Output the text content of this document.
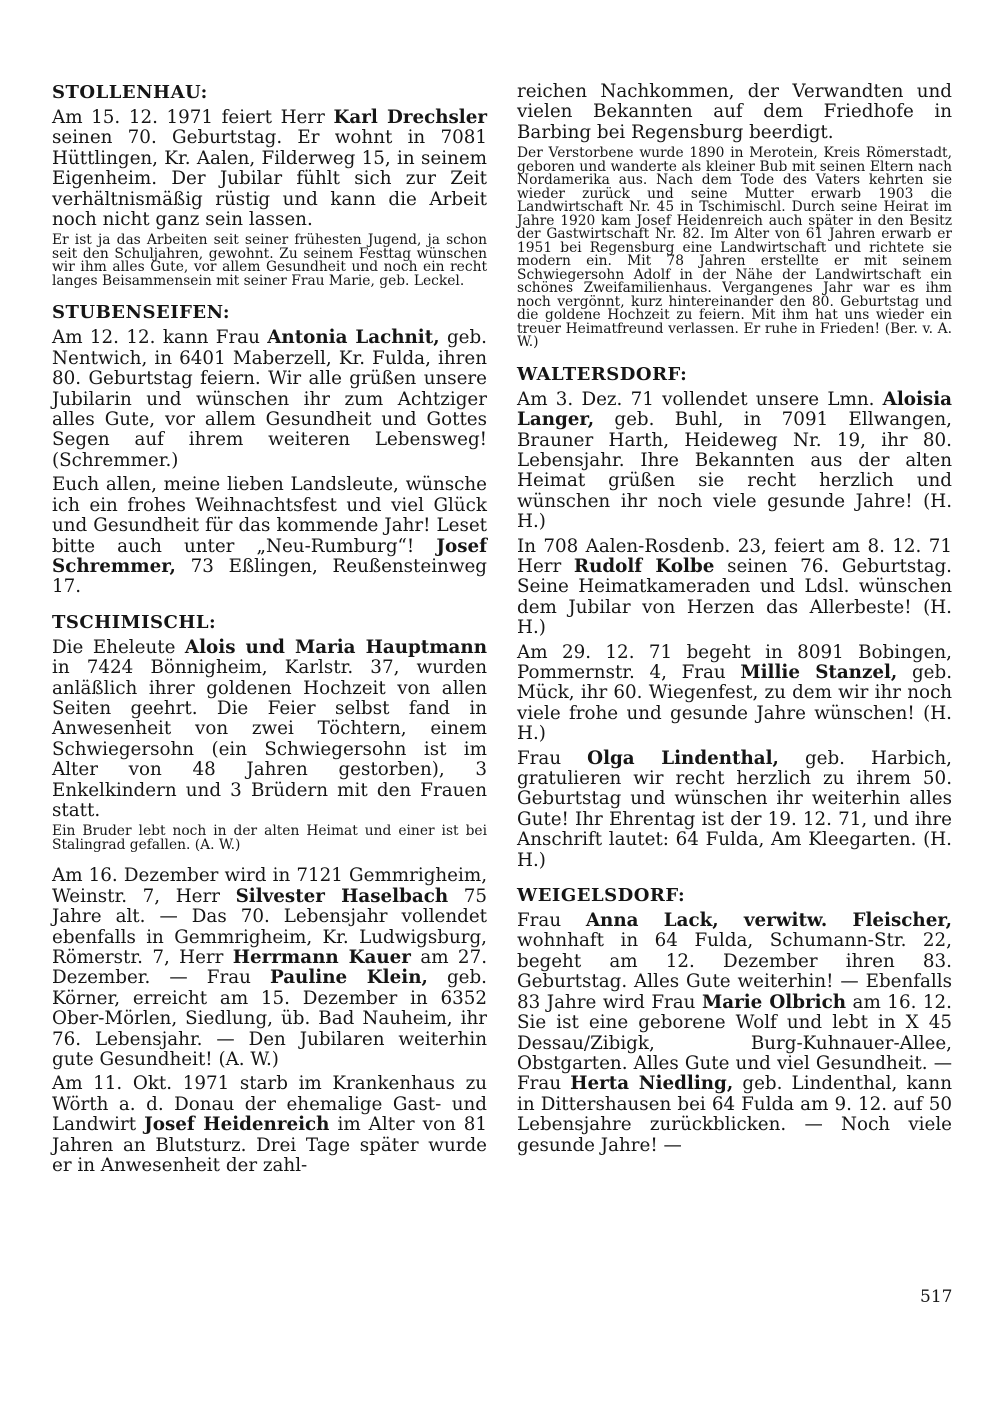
STOLLENHAU:

Am 15. 12. 1971 feiert Herr Karl Drechsler seinen 70. Geburtstag. Er wohnt in 7081 Hüttlingen, Kr. Aalen, Filderweg 15, in seinem Eigenheim. Der Jubilar fühlt sich zur Zeit verhältnismäßig rüstig und kann die Arbeit noch nicht ganz sein lassen.

Er ist ja das Arbeiten seit seiner frühesten Jugend, ja schon seit den Schuljahren, gewohnt. Zu seinem Festtag wünschen wir ihm alles Gute, vor allem Gesundheit und noch ein recht langes Beisammensein mit seiner Frau Marie, geb. Leckel.

STUBENSEIFEN:

Am 12. 12. kann Frau Antonia Lachnit, geb. Nentwich, in 6401 Maberzell, Kr. Fulda, ihren 80. Geburtstag feiern. Wir alle grüßen unsere Jubilarin und wünschen ihr zum Achtziger alles Gute, vor allem Gesundheit und Gottes Segen auf ihrem weiteren Lebensweg! (Schremmer.)

Euch allen, meine lieben Landsleute, wünsche ich ein frohes Weihnachtsfest und viel Glück und Gesundheit für das kommende Jahr! Leset bitte auch unter „Neu-Rumburg“! Josef Schremmer, 73 Eßlingen, Reußensteinweg 17.

TSCHIMISCHL:

Die Eheleute Alois und Maria Hauptmann in 7424 Bönnigheim, Karlstr. 37, wurden anläßlich ihrer goldenen Hochzeit von allen Seiten geehrt. Die Feier selbst fand in Anwesenheit von zwei Töchtern, einem Schwiegersohn (ein Schwiegersohn ist im Alter von 48 Jahren gestorben), 3 Enkelkindern und 3 Brüdern mit den Frauen statt.

Ein Bruder lebt noch in der alten Heimat und einer ist bei Stalingrad gefallen. (A. W.)

Am 16. Dezember wird in 7121 Gemmrigheim, Weinstr. 7, Herr Silvester Haselbach 75 Jahre alt. — Das 70. Lebensjahr vollendet ebenfalls in Gemmrigheim, Kr. Ludwigsburg, Römerstr. 7, Herr Herrmann Kauer am 27. Dezember. — Frau Pauline Klein, geb. Körner, erreicht am 15. Dezember in 6352 Ober-Mörlen, Siedlung, üb. Bad Nauheim, ihr 76. Lebensjahr. — Den Jubilaren weiterhin gute Gesundheit! (A. W.)

Am 11. Okt. 1971 starb im Krankenhaus zu Wörth a. d. Donau der ehemalige Gast- und Landwirt Josef Heidenreich im Alter von 81 Jahren an Blutsturz. Drei Tage später wurde er in Anwesenheit der zahl-

reichen Nachkommen, der Verwandten und vielen Bekannten auf dem Friedhofe in Barbing bei Regensburg beerdigt.

Der Verstorbene wurde 1890 in Merotein, Kreis Römerstadt, geboren und wanderte als kleiner Bub mit seinen Eltern nach Nordamerika aus. Nach dem Tode des Vaters kehrten sie wieder zurück und seine Mutter erwarb 1903 die Landwirtschaft Nr. 45 in Tschimischl. Durch seine Heirat im Jahre 1920 kam Josef Heidenreich auch später in den Besitz der Gastwirtschaft Nr. 82. Im Alter von 61 Jahren erwarb er 1951 bei Regensburg eine Landwirtschaft und richtete sie modern ein. Mit 78 Jahren erstellte er mit seinem Schwiegersohn Adolf in der Nähe der Landwirtschaft ein schönes Zweifamilienhaus. Vergangenes Jahr war es ihm noch vergönnt, kurz hintereinander den 80. Geburtstag und die goldene Hochzeit zu feiern. Mit ihm hat uns wieder ein treuer Heimatfreund verlassen. Er ruhe in Frieden! (Ber. v. A. W.)

WALTERSDORF:

Am 3. Dez. 71 vollendet unsere Lmn. Aloisia Langer, geb. Buhl, in 7091 Ellwangen, Brauner Harth, Heideweg Nr. 19, ihr 80. Lebensjahr. Ihre Bekannten aus der alten Heimat grüßen sie recht herzlich und wünschen ihr noch viele gesunde Jahre! (H. H.)

In 708 Aalen-Rosdenb. 23, feiert am 8. 12. 71 Herr Rudolf Kolbe seinen 76. Geburtstag. Seine Heimatkameraden und Ldsl. wünschen dem Jubilar von Herzen das Allerbeste! (H. H.)

Am 29. 12. 71 begeht in 8091 Bobingen, Pommernstr. 4, Frau Millie Stanzel, geb. Mück, ihr 60. Wiegenfest, zu dem wir ihr noch viele frohe und gesunde Jahre wünschen! (H. H.)

Frau Olga Lindenthal, geb. Harbich, gratulieren wir recht herzlich zu ihrem 50. Geburtstag und wünschen ihr weiterhin alles Gute! Ihr Ehrentag ist der 19. 12. 71, und ihre Anschrift lautet: 64 Fulda, Am Kleegarten. (H. H.)

WEIGELSDORF:

Frau Anna Lack, verwitw. Fleischer, wohnhaft in 64 Fulda, Schumann-Str. 22, begeht am 12. Dezember ihren 83. Geburtstag. Alles Gute weiterhin! — Ebenfalls 83 Jahre wird Frau Marie Olbrich am 16. 12. Sie ist eine geborene Wolf und lebt in X 45 Dessau/Zibigk, Burg-Kuhnauer-Allee, Obstgarten. Alles Gute und viel Gesundheit. — Frau Herta Niedling, geb. Lindenthal, kann in Dittershausen bei 64 Fulda am 9. 12. auf 50 Lebensjahre zurückblicken. — Noch viele gesunde Jahre! —

517
